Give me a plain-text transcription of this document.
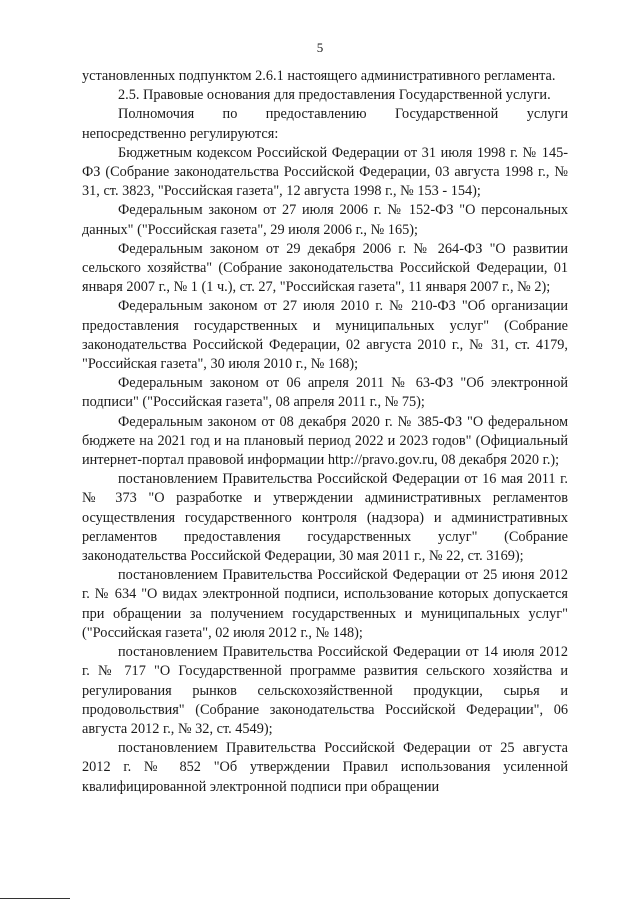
5

установленных подпунктом 2.6.1 настоящего административного регламента.

2.5. Правовые основания для предоставления Государственной услуги.

Полномочия по предоставлению Государственной услуги непосредственно регулируются:

Бюджетным кодексом Российской Федерации от 31 июля 1998 г. № 145-ФЗ (Собрание законодательства Российской Федерации, 03 августа 1998 г., № 31, ст. 3823, "Российская газета", 12 августа 1998 г., № 153 - 154);

Федеральным законом от 27 июля 2006 г. № 152-ФЗ "О персональных данных" ("Российская газета", 29 июля 2006 г., № 165);

Федеральным законом от 29 декабря 2006 г. № 264-ФЗ "О развитии сельского хозяйства" (Собрание законодательства Российской Федерации, 01 января 2007 г., № 1 (1 ч.), ст. 27, "Российская газета", 11 января 2007 г., № 2);

Федеральным законом от 27 июля 2010 г. № 210-ФЗ "Об организации предоставления государственных и муниципальных услуг" (Собрание законодательства Российской Федерации, 02 августа 2010 г., № 31, ст. 4179, "Российская газета", 30 июля 2010 г., № 168);

Федеральным законом от 06 апреля 2011 № 63-ФЗ "Об электронной подписи" ("Российская газета", 08 апреля 2011 г., № 75);

Федеральным законом от 08 декабря 2020 г. № 385-ФЗ "О федеральном бюджете на 2021 год и на плановый период 2022 и 2023 годов" (Официальный интернет-портал правовой информации http://pravo.gov.ru, 08 декабря 2020 г.);

постановлением Правительства Российской Федерации от 16 мая 2011 г. № 373 "О разработке и утверждении административных регламентов осуществления государственного контроля (надзора) и административных регламентов предоставления государственных услуг" (Собрание законодательства Российской Федерации, 30 мая 2011 г., № 22, ст. 3169);

постановлением Правительства Российской Федерации от 25 июня 2012 г. № 634 "О видах электронной подписи, использование которых допускается при обращении за получением государственных и муниципальных услуг" ("Российская газета", 02 июля 2012 г., № 148);

постановлением Правительства Российской Федерации от 14 июля 2012 г. № 717 "О Государственной программе развития сельского хозяйства и регулирования рынков сельскохозяйственной продукции, сырья и продовольствия" (Собрание законодательства Российской Федерации", 06 августа 2012 г., № 32, ст. 4549);

постановлением Правительства Российской Федерации от 25 августа 2012 г. № 852 "Об утверждении Правил использования усиленной квалифицированной электронной подписи при обращении
